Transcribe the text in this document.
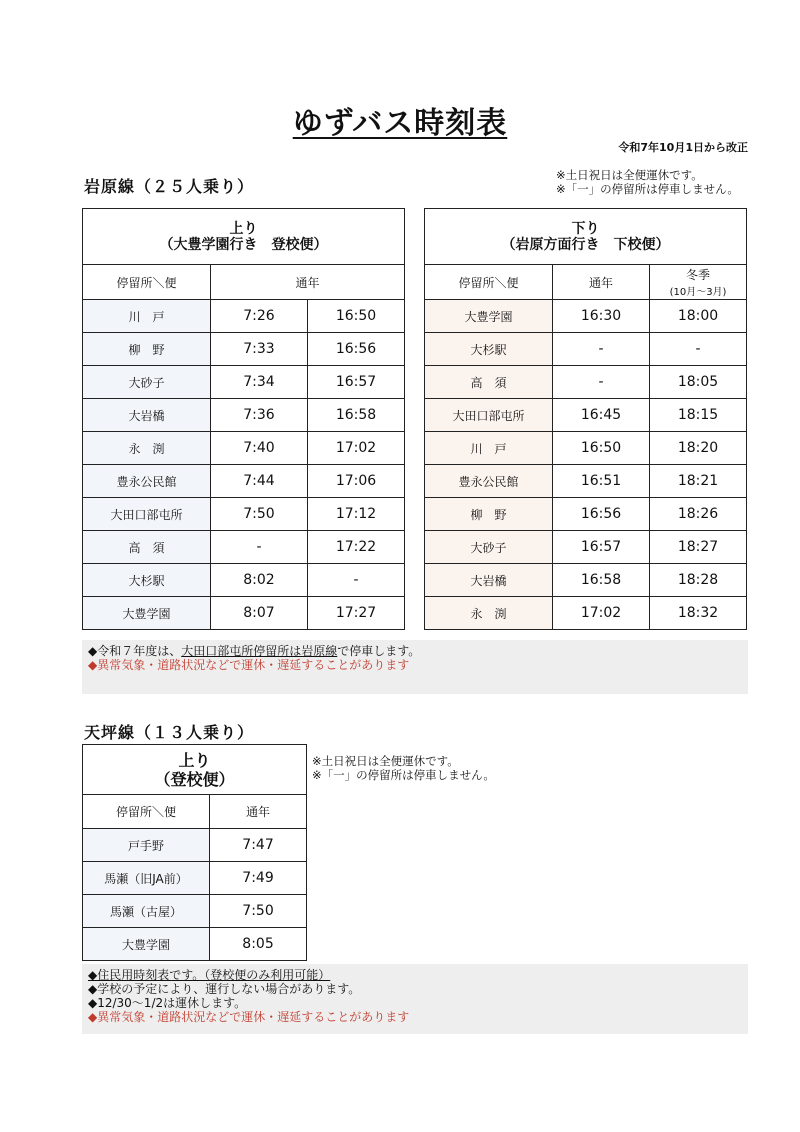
ゆずバス時刻表
令和7年10月1日から改正
岩原線（２５人乗り）
※土日祝日は全便運休です。
※「一」の停留所は停車しません。
上り
（大豊学園行き　登校便）		

停留所＼便	通年	
川　戸	7:26	16:50
柳　野	7:33	16:56
大砂子	7:34	16:57
大岩橋	7:36	16:58
永　渕	7:40	17:02
豊永公民館	7:44	17:06
大田口部屯所	7:50	17:12
高　須	-	17:22
大杉駅	8:02	-
大豊学園	8:07	17:27
下り
（岩原方面行き　下校便）		

停留所＼便	通年	冬季
(10月～3月)

大豊学園	16:30	18:00
大杉駅	-	-
高　須	-	18:05
大田口部屯所	16:45	18:15
川　戸	16:50	18:20
豊永公民館	16:51	18:21
柳　野	16:56	18:26
大砂子	16:57	18:27
大岩橋	16:58	18:28
永　渕	17:02	18:32
◆令和７年度は、大田口部屯所停留所は岩原線で停車します。
◆異常気象・道路状況などで運休・遅延することがあります
天坪線（１３人乗り）
※土日祝日は全便運休です。
※「一」の停留所は停車しません。
上り
（登校便）	

停留所＼便	通年
戸手野	7:47
馬瀬（旧JA前）	7:49
馬瀬（古屋）	7:50
大豊学園	8:05
◆住民用時刻表です。（登校便のみ利用可能）
◆学校の予定により、運行しない場合があります。
◆12/30～1/2は運休します。
◆異常気象・道路状況などで運休・遅延することがあります
